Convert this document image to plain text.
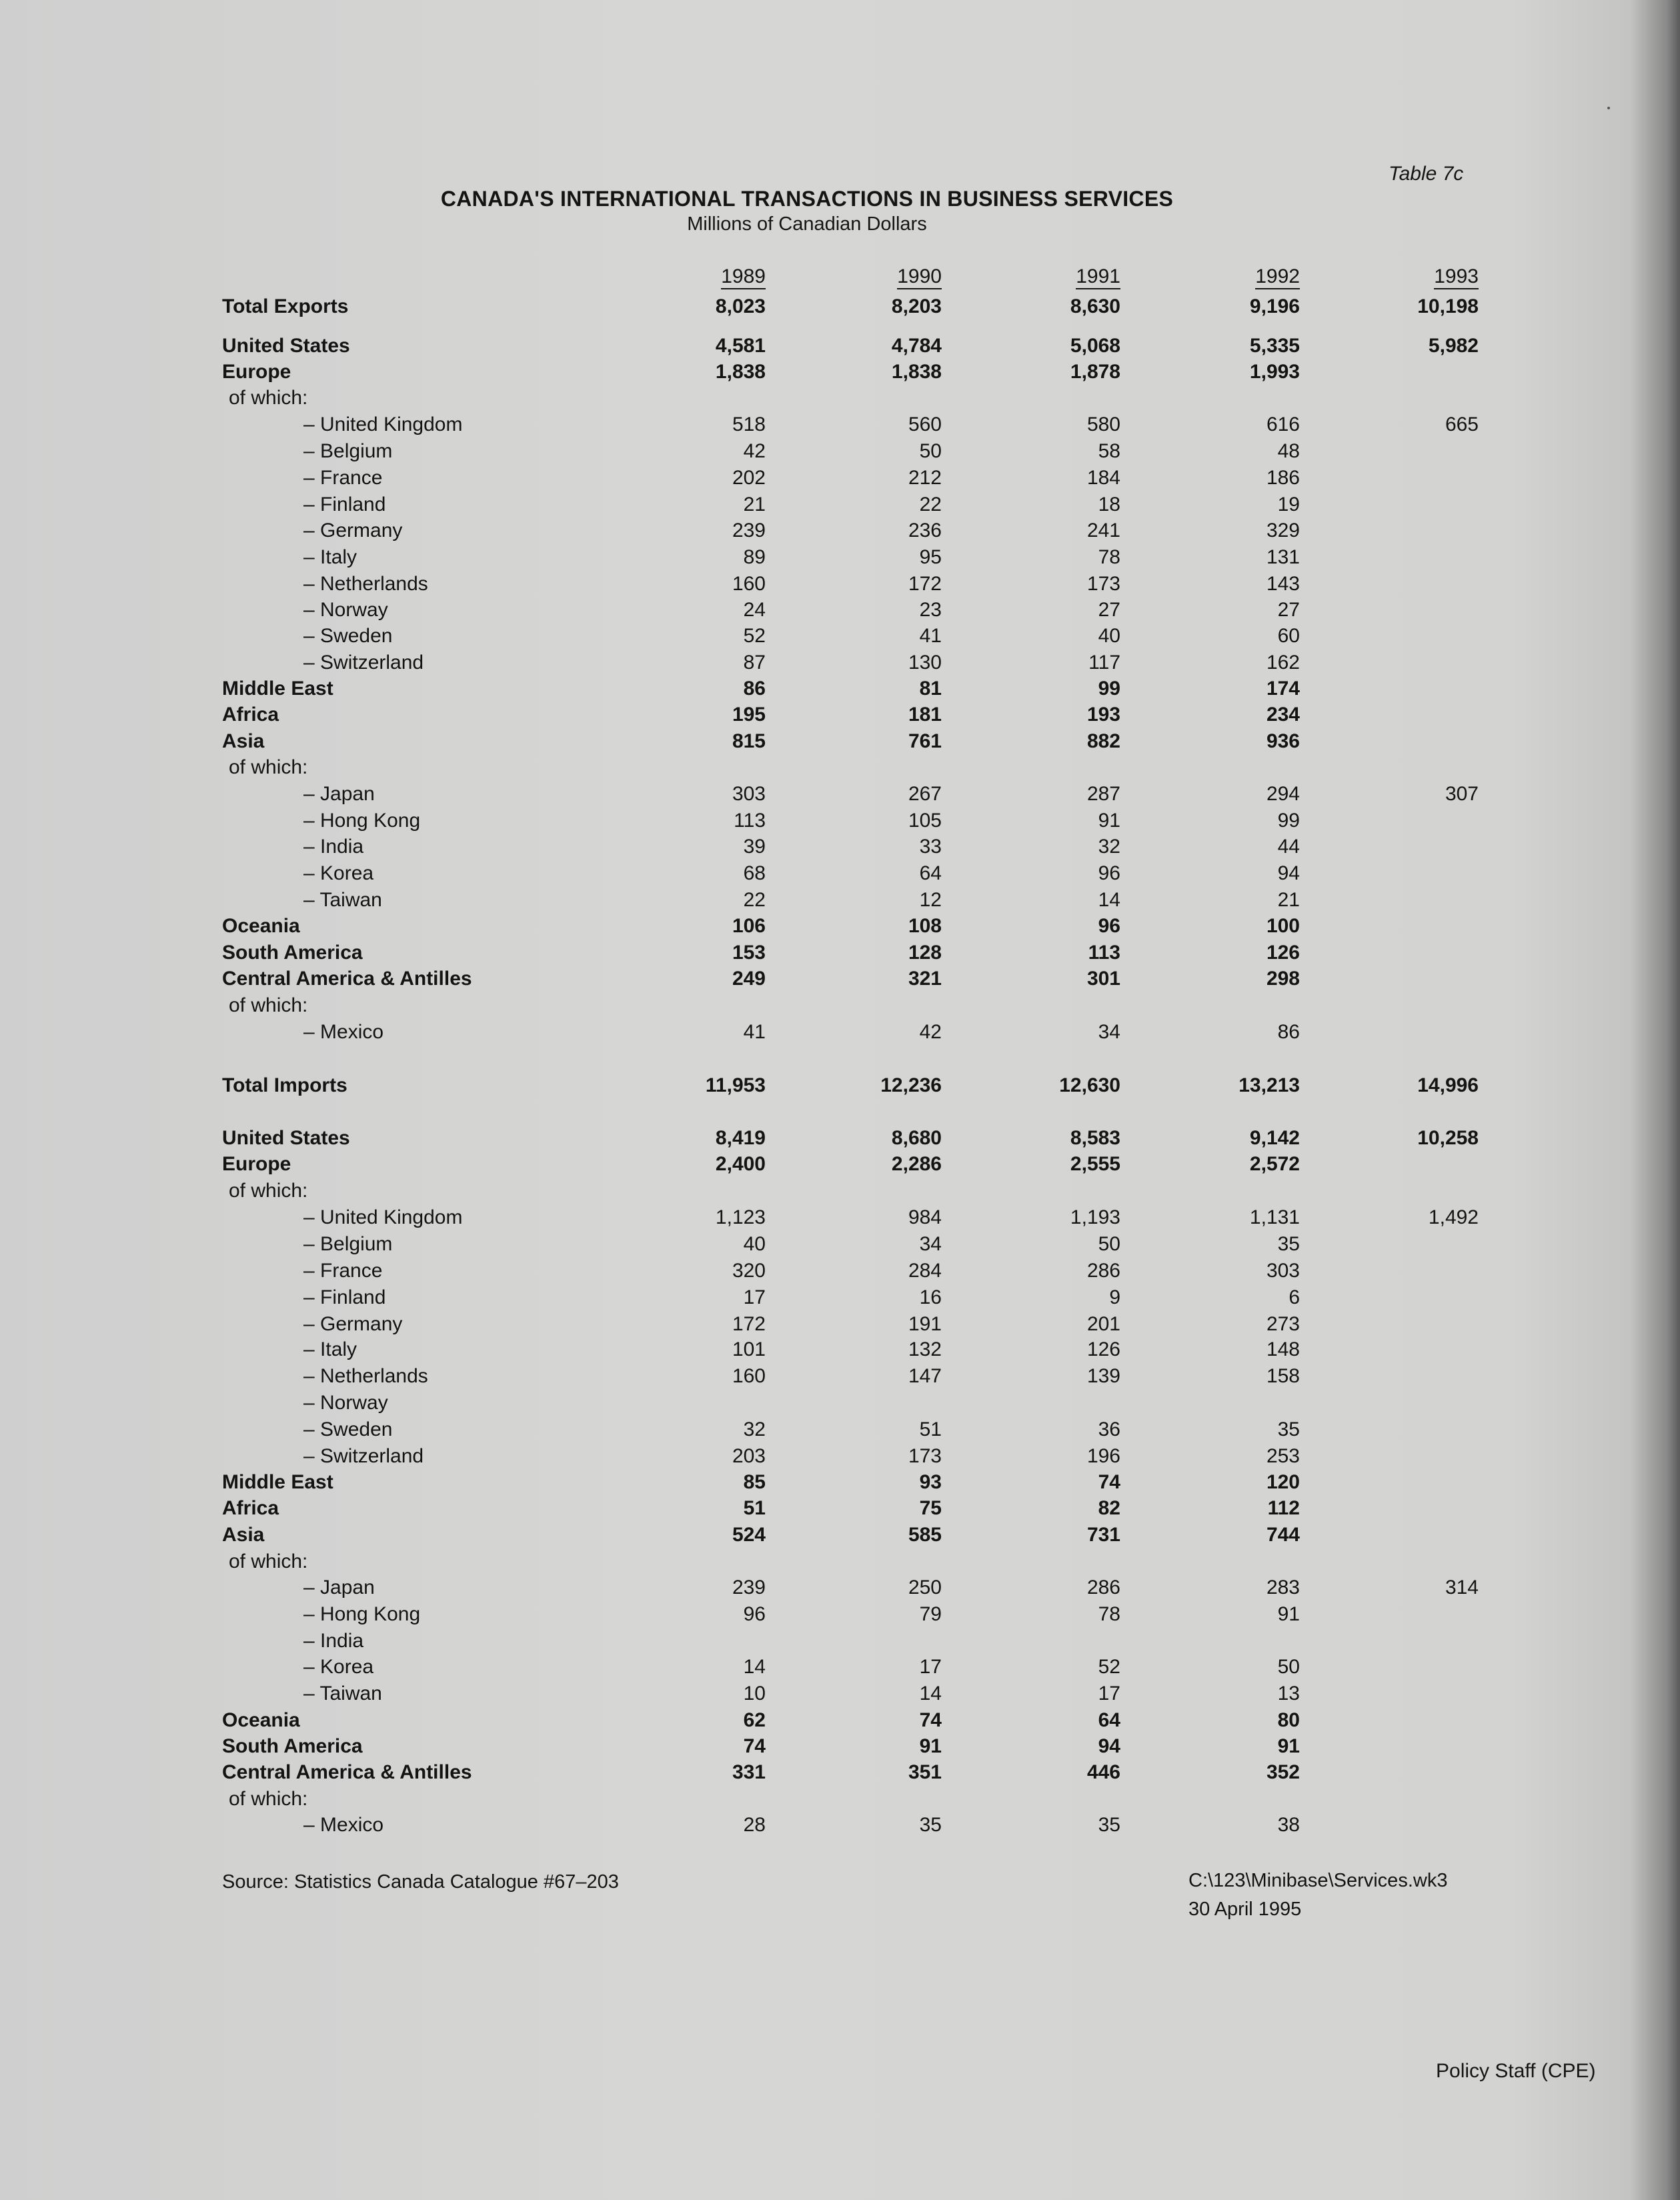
Table 7c
CANADA'S INTERNATIONAL TRANSACTIONS IN BUSINESS SERVICES
Millions of Canadian Dollars
1989	1990	1991	1992	1993
Total Exports	8,023	8,203	8,630	9,196	10,198
United States	4,581	4,784	5,068	5,335	5,982
Europe	1,838	1,838	1,878	1,993
of which:
– United Kingdom	518	560	580	616	665
– Belgium	42	50	58	48
– France	202	212	184	186
– Finland	21	22	18	19
– Germany	239	236	241	329
– Italy	89	95	78	131
– Netherlands	160	172	173	143
– Norway	24	23	27	27
– Sweden	52	41	40	60
– Switzerland	87	130	117	162
Middle East	86	81	99	174
Africa	195	181	193	234
Asia	815	761	882	936
of which:
– Japan	303	267	287	294	307
– Hong Kong	113	105	91	99
– India	39	33	32	44
– Korea	68	64	96	94
– Taiwan	22	12	14	21
Oceania	106	108	96	100
South America	153	128	113	126
Central America & Antilles	249	321	301	298
of which:
– Mexico	41	42	34	86
Total Imports	11,953	12,236	12,630	13,213	14,996
United States	8,419	8,680	8,583	9,142	10,258
Europe	2,400	2,286	2,555	2,572
of which:
– United Kingdom	1,123	984	1,193	1,131	1,492
– Belgium	40	34	50	35
– France	320	284	286	303
– Finland	17	16	9	6
– Germany	172	191	201	273
– Italy	101	132	126	148
– Netherlands	160	147	139	158
– Norway
– Sweden	32	51	36	35
– Switzerland	203	173	196	253
Middle East	85	93	74	120
Africa	51	75	82	112
Asia	524	585	731	744
of which:
– Japan	239	250	286	283	314
– Hong Kong	96	79	78	91
– India
– Korea	14	17	52	50
– Taiwan	10	14	17	13
Oceania	62	74	64	80
South America	74	91	94	91
Central America & Antilles	331	351	446	352
of which:
– Mexico	28	35	35	38
Source: Statistics Canada Catalogue #67–203	C:\123\Minibase\Services.wk3
30 April 1995
Policy Staff (CPE)
